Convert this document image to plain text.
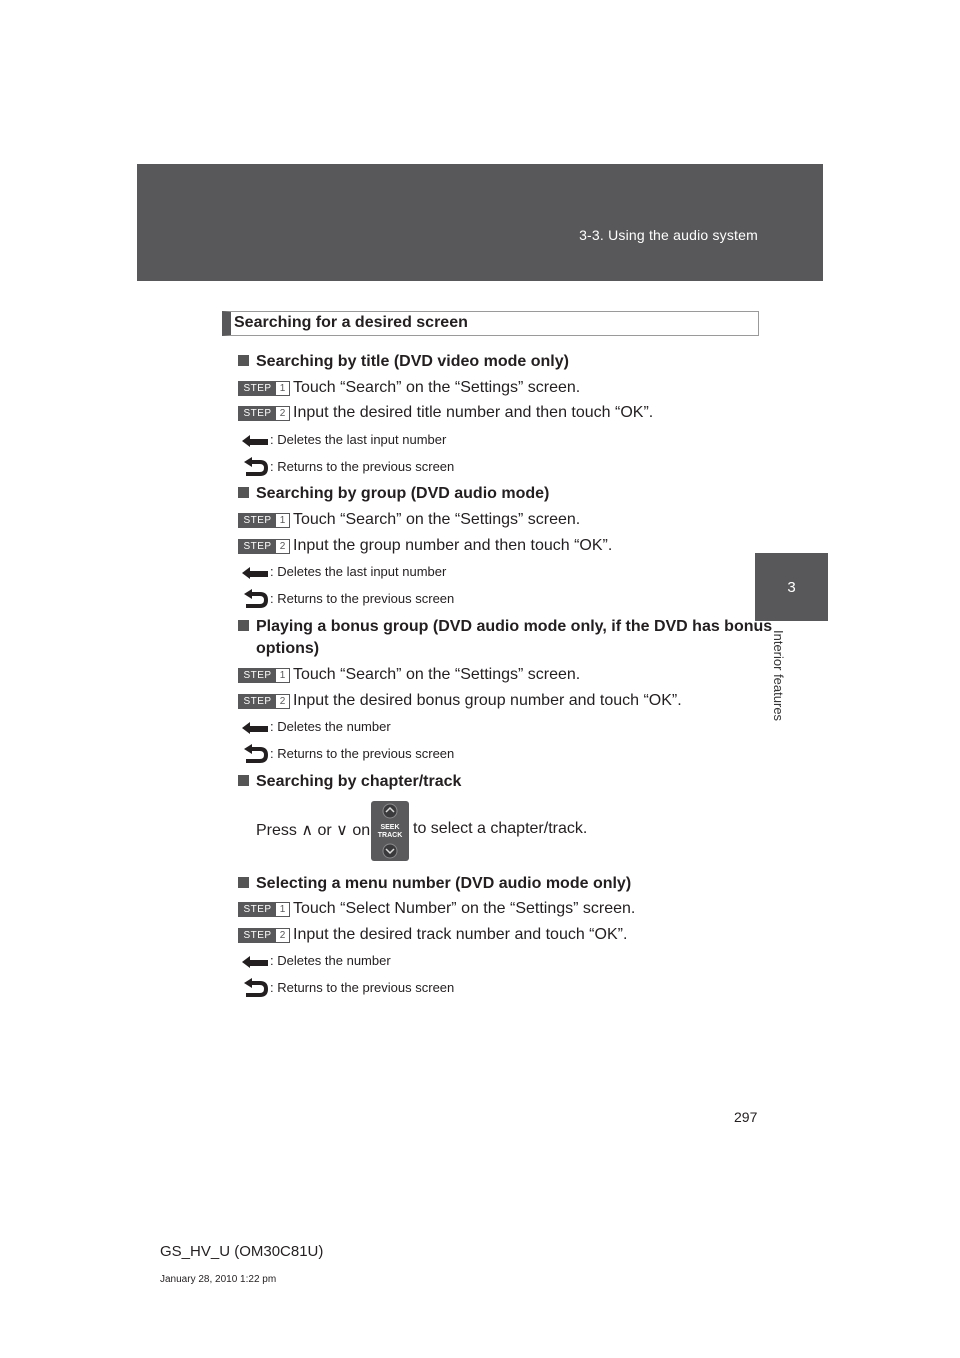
3-3. Using the audio system
3
Interior features
Searching for a desired screen
Searching by title (DVD video mode only)
STEP 1 Touch “Search” on the “Settings” screen.
STEP 2 Input the desired title number and then touch “OK”.
: Deletes the last input number
: Returns to the previous screen
Searching by group (DVD audio mode)
STEP 1 Touch “Search” on the “Settings” screen.
STEP 2 Input the group number and then touch “OK”.
: Deletes the last input number
: Returns to the previous screen
Playing a bonus group (DVD audio mode only, if the DVD has bonus
options)
STEP 1 Touch “Search” on the “Settings” screen.
STEP 2 Input the desired bonus group number and touch “OK”.
: Deletes the number
: Returns to the previous screen
Searching by chapter/track
Press ∧ or ∨ on SEEK
TRACK to select a chapter/track.
Selecting a menu number (DVD audio mode only)
STEP 1 Touch “Select Number” on the “Settings” screen.
STEP 2 Input the desired track number and touch “OK”.
: Deletes the number
: Returns to the previous screen
297
GS_HV_U (OM30C81U)
January 28, 2010 1:22 pm
